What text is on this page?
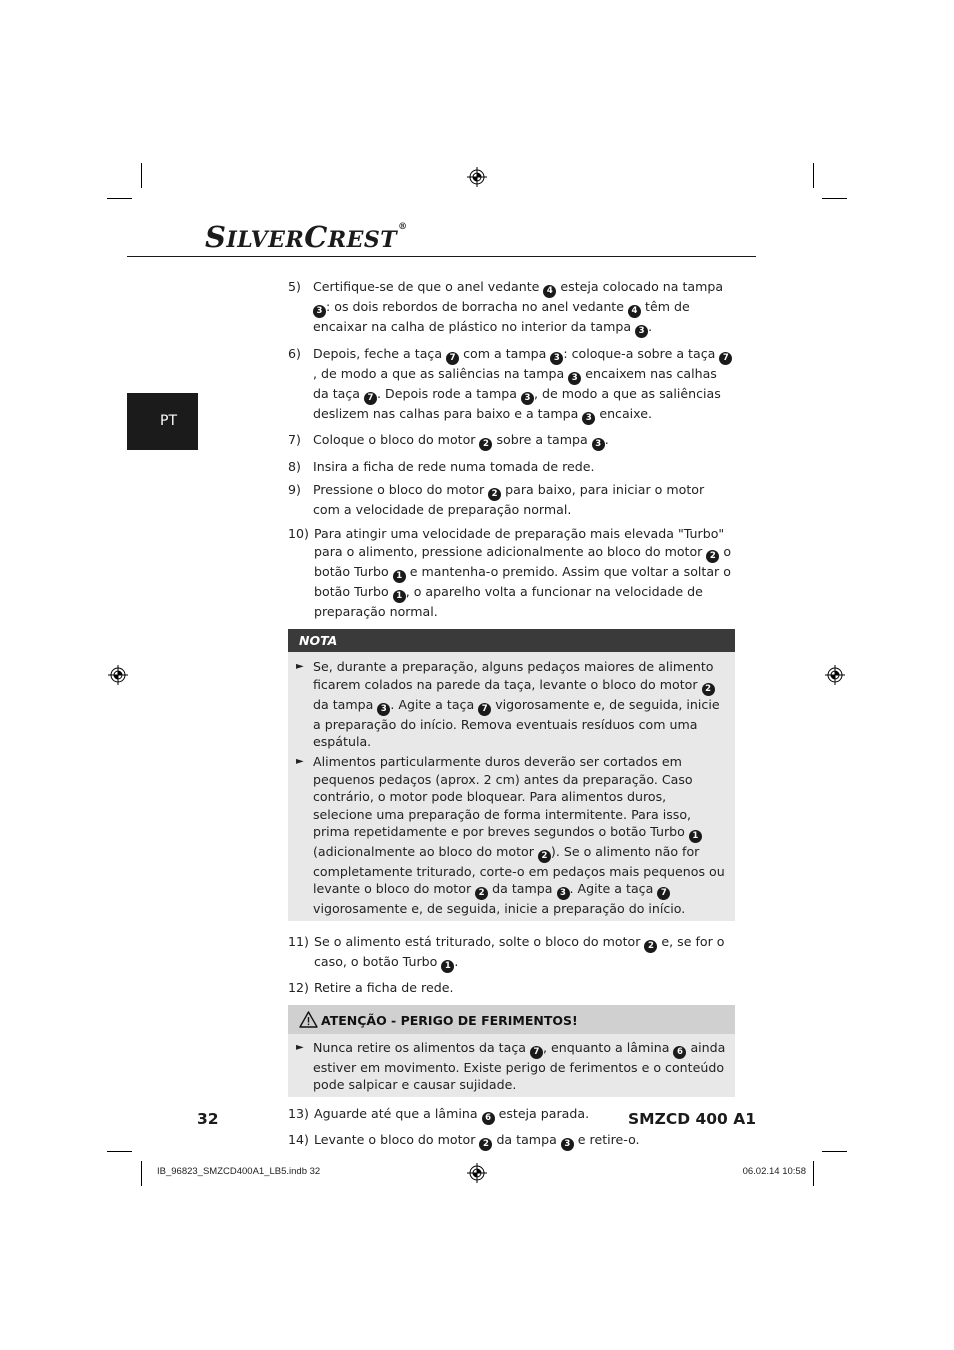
SILVERCREST®
PT
5) Certifique-se de que o anel vedante 4 esteja colocado na tampa 3 : os dois rebordos de borracha no anel vedante 4 têm de encaixar na calha de plástico no interior da tampa 3 .
6) Depois, feche a taça 7 com a tampa 3 : coloque-a sobre a taça 7, de modo a que as saliências na tampa 3 encaixem nas calhas da taça 7 . Depois rode a tampa 3 , de modo a que as saliências deslizem nas calhas para baixo e a tampa 3 encaixe.
7) Coloque o bloco do motor 2 sobre a tampa 3 .
8) Insira a ficha de rede numa tomada de rede.
9) Pressione o bloco do motor 2 para baixo, para iniciar o motor com a velocidade de preparação normal.
10) Para atingir uma velocidade de preparação mais elevada "Turbo" para o alimento, pressione adicionalmente ao bloco do motor 2 o botão Turbo 1 e mantenha-o premido. Assim que voltar a soltar o botão Turbo 1 , o aparelho volta a funcionar na velocidade de preparação normal.
NOTA
► Se, durante a preparação, alguns pedaços maiores de alimento ficarem colados na parede da taça, levante o bloco do motor 2 da tampa 3 . Agite a taça 7 vigorosamente e, de seguida, inicie a preparação do início. Remova eventuais resíduos com uma espátula.
► Alimentos particularmente duros deverão ser cortados em pequenos pedaços (aprox. 2 cm) antes da preparação. Caso contrário, o motor pode bloquear. Para alimentos duros, selecione uma preparação de forma intermitente. Para isso, prima repetidamente e por breves segundos o botão Turbo 1 (adicionalmente ao bloco do motor 2 ). Se o alimento não for completamente triturado, corte-o em pedaços mais pequenos ou levante o bloco do motor 2 da tampa 3 . Agite a taça 7 vigorosamente e, de seguida, inicie a preparação do início.
11) Se o alimento está triturado, solte o bloco do motor 2 e, se for o caso, o botão Turbo 1 .
12) Retire a ficha de rede.
ATENÇÃO - PERIGO DE FERIMENTOS!
► Nunca retire os alimentos da taça 7 , enquanto a lâmina 6 ainda estiver em movimento. Existe perigo de ferimentos e o conteúdo pode salpicar e causar sujidade.
13) Aguarde até que a lâmina 6 esteja parada.
14) Levante o bloco do motor 2 da tampa 3 e retire-o.
32	SMZCD 400 A1
IB_96823_SMZCD400A1_LB5.indb 32	06.02.14 10:58
